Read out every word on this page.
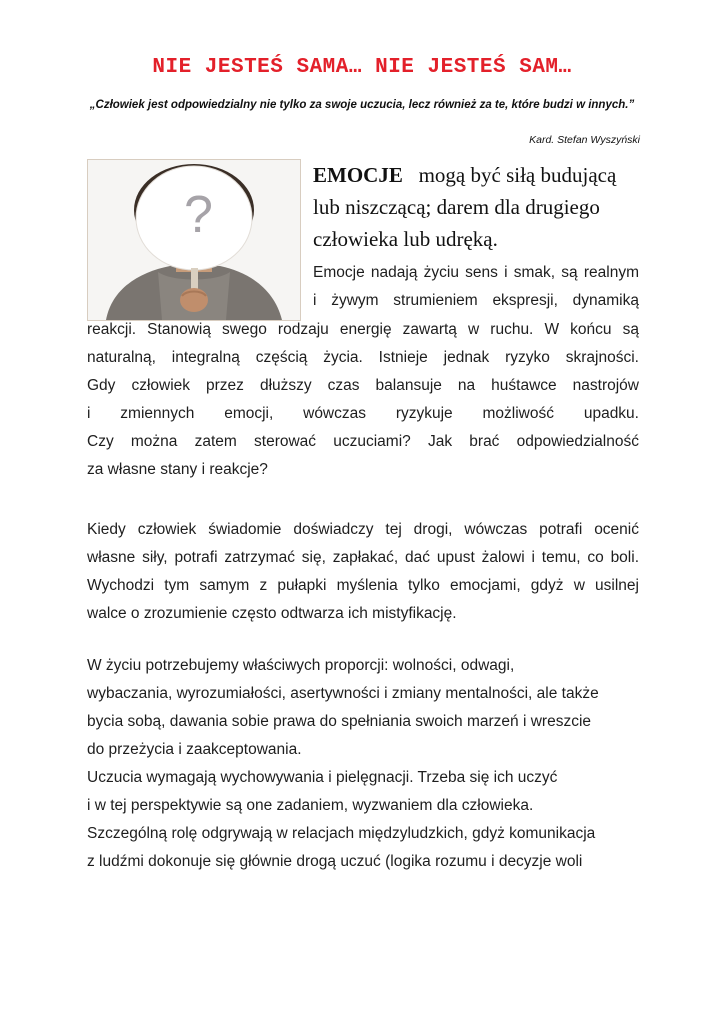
NIE JESTEŚ SAMA… NIE JESTEŚ SAM…
„Człowiek jest odpowiedzialny nie tylko za swoje uczucia, lecz również za te, które budzi w innych.”
Kard. Stefan Wyszyński
?
EMOCJE mogą być siłą budującą lub niszczącą; darem dla drugiego człowieka lub udręką.
Emocje nadają życiu sens i smak, są realnym
i żywym strumieniem ekspresji, dynamiką
reakcji. Stanowią swego rodzaju energię zawartą w ruchu. W końcu są
naturalną, integralną częścią życia. Istnieje jednak ryzyko skrajności.
Gdy człowiek przez dłuższy czas balansuje na huśtawce nastrojów
i zmiennych emocji, wówczas ryzykuje możliwość upadku.
Czy można zatem sterować uczuciami? Jak brać odpowiedzialność
za własne stany i reakcje?
Kiedy człowiek świadomie doświadczy tej drogi, wówczas potrafi ocenić
własne siły, potrafi zatrzymać się, zapłakać, dać upust żalowi i temu, co boli.
Wychodzi tym samym z pułapki myślenia tylko emocjami, gdyż w usilnej
walce o zrozumienie często odtwarza ich mistyfikację.
W życiu potrzebujemy właściwych proporcji: wolności, odwagi,
wybaczania, wyrozumiałości, asertywności i zmiany mentalności, ale także
bycia sobą, dawania sobie prawa do spełniania swoich marzeń i wreszcie
do przeżycia i zaakceptowania.
Uczucia wymagają wychowywania i pielęgnacji. Trzeba się ich uczyć
i w tej perspektywie są one zadaniem, wyzwaniem dla człowieka.
Szczególną rolę odgrywają w relacjach międzyludzkich, gdyż komunikacja
z ludźmi dokonuje się głównie drogą uczuć (logika rozumu i decyzje woli
